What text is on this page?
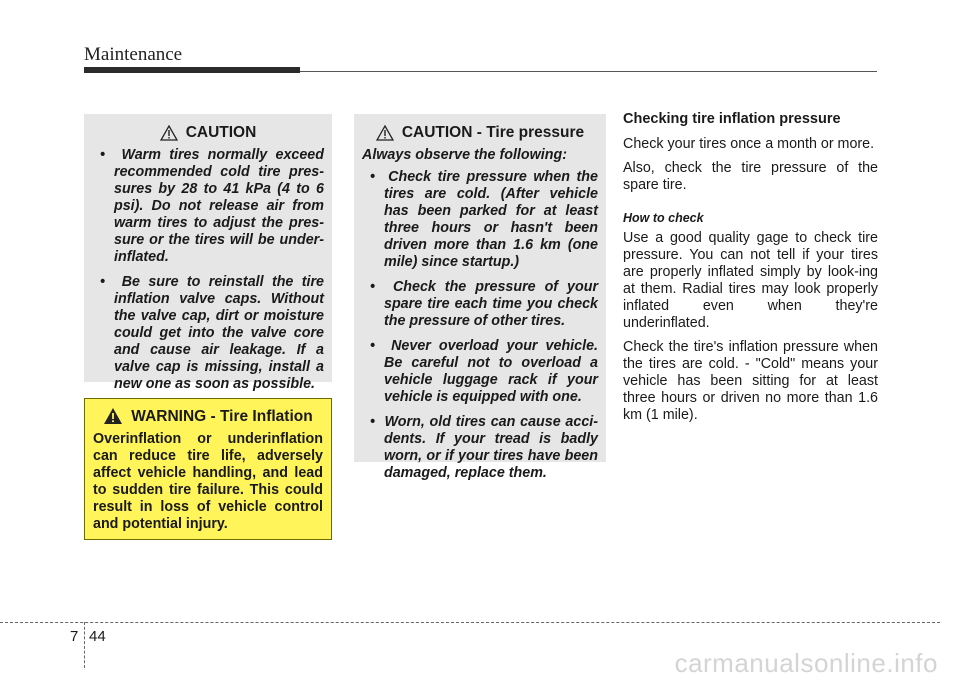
Maintenance
CAUTION
•  Warm tires normally exceed recommended cold tire pres-sures by 28 to 41 kPa (4 to 6 psi). Do not release air from warm tires to adjust the pres-sure or the tires will be under-inflated.
•  Be sure to reinstall the tire inflation valve caps. Without the valve cap, dirt or moisture could get into the valve core and cause air leakage. If a valve cap is missing, install a new one as soon as possible.
WARNING - Tire Inflation
Overinflation or underinflation can reduce tire life, adversely affect vehicle handling, and lead to sudden tire failure. This could result in loss of vehicle control and potential injury.
CAUTION - Tire pressure
Always observe the following:
•  Check tire pressure when the tires are cold. (After vehicle has been parked for at least three hours or hasn't been driven more than 1.6 km (one mile) since startup.)
•  Check the pressure of your spare tire each time you check the pressure of other tires.
•  Never overload your vehicle. Be careful not to overload a vehicle luggage rack if your vehicle is equipped with one.
•  Worn, old tires can cause acci-dents. If your tread is badly worn, or if your tires have been damaged, replace them.
Checking tire inflation pressure

Check your tires once a month or more.

Also, check the tire pressure of the spare tire.

How to check

Use a good quality gage to check tire pressure. You can not tell if your tires are properly inflated simply by look-ing at them. Radial tires may look properly inflated even when they're underinflated.

Check the tire's inflation pressure when the tires are cold. - "Cold" means your vehicle has been sitting for at least three hours or driven no more than 1.6 km (1 mile).

7 44
carmanualsonline.info
